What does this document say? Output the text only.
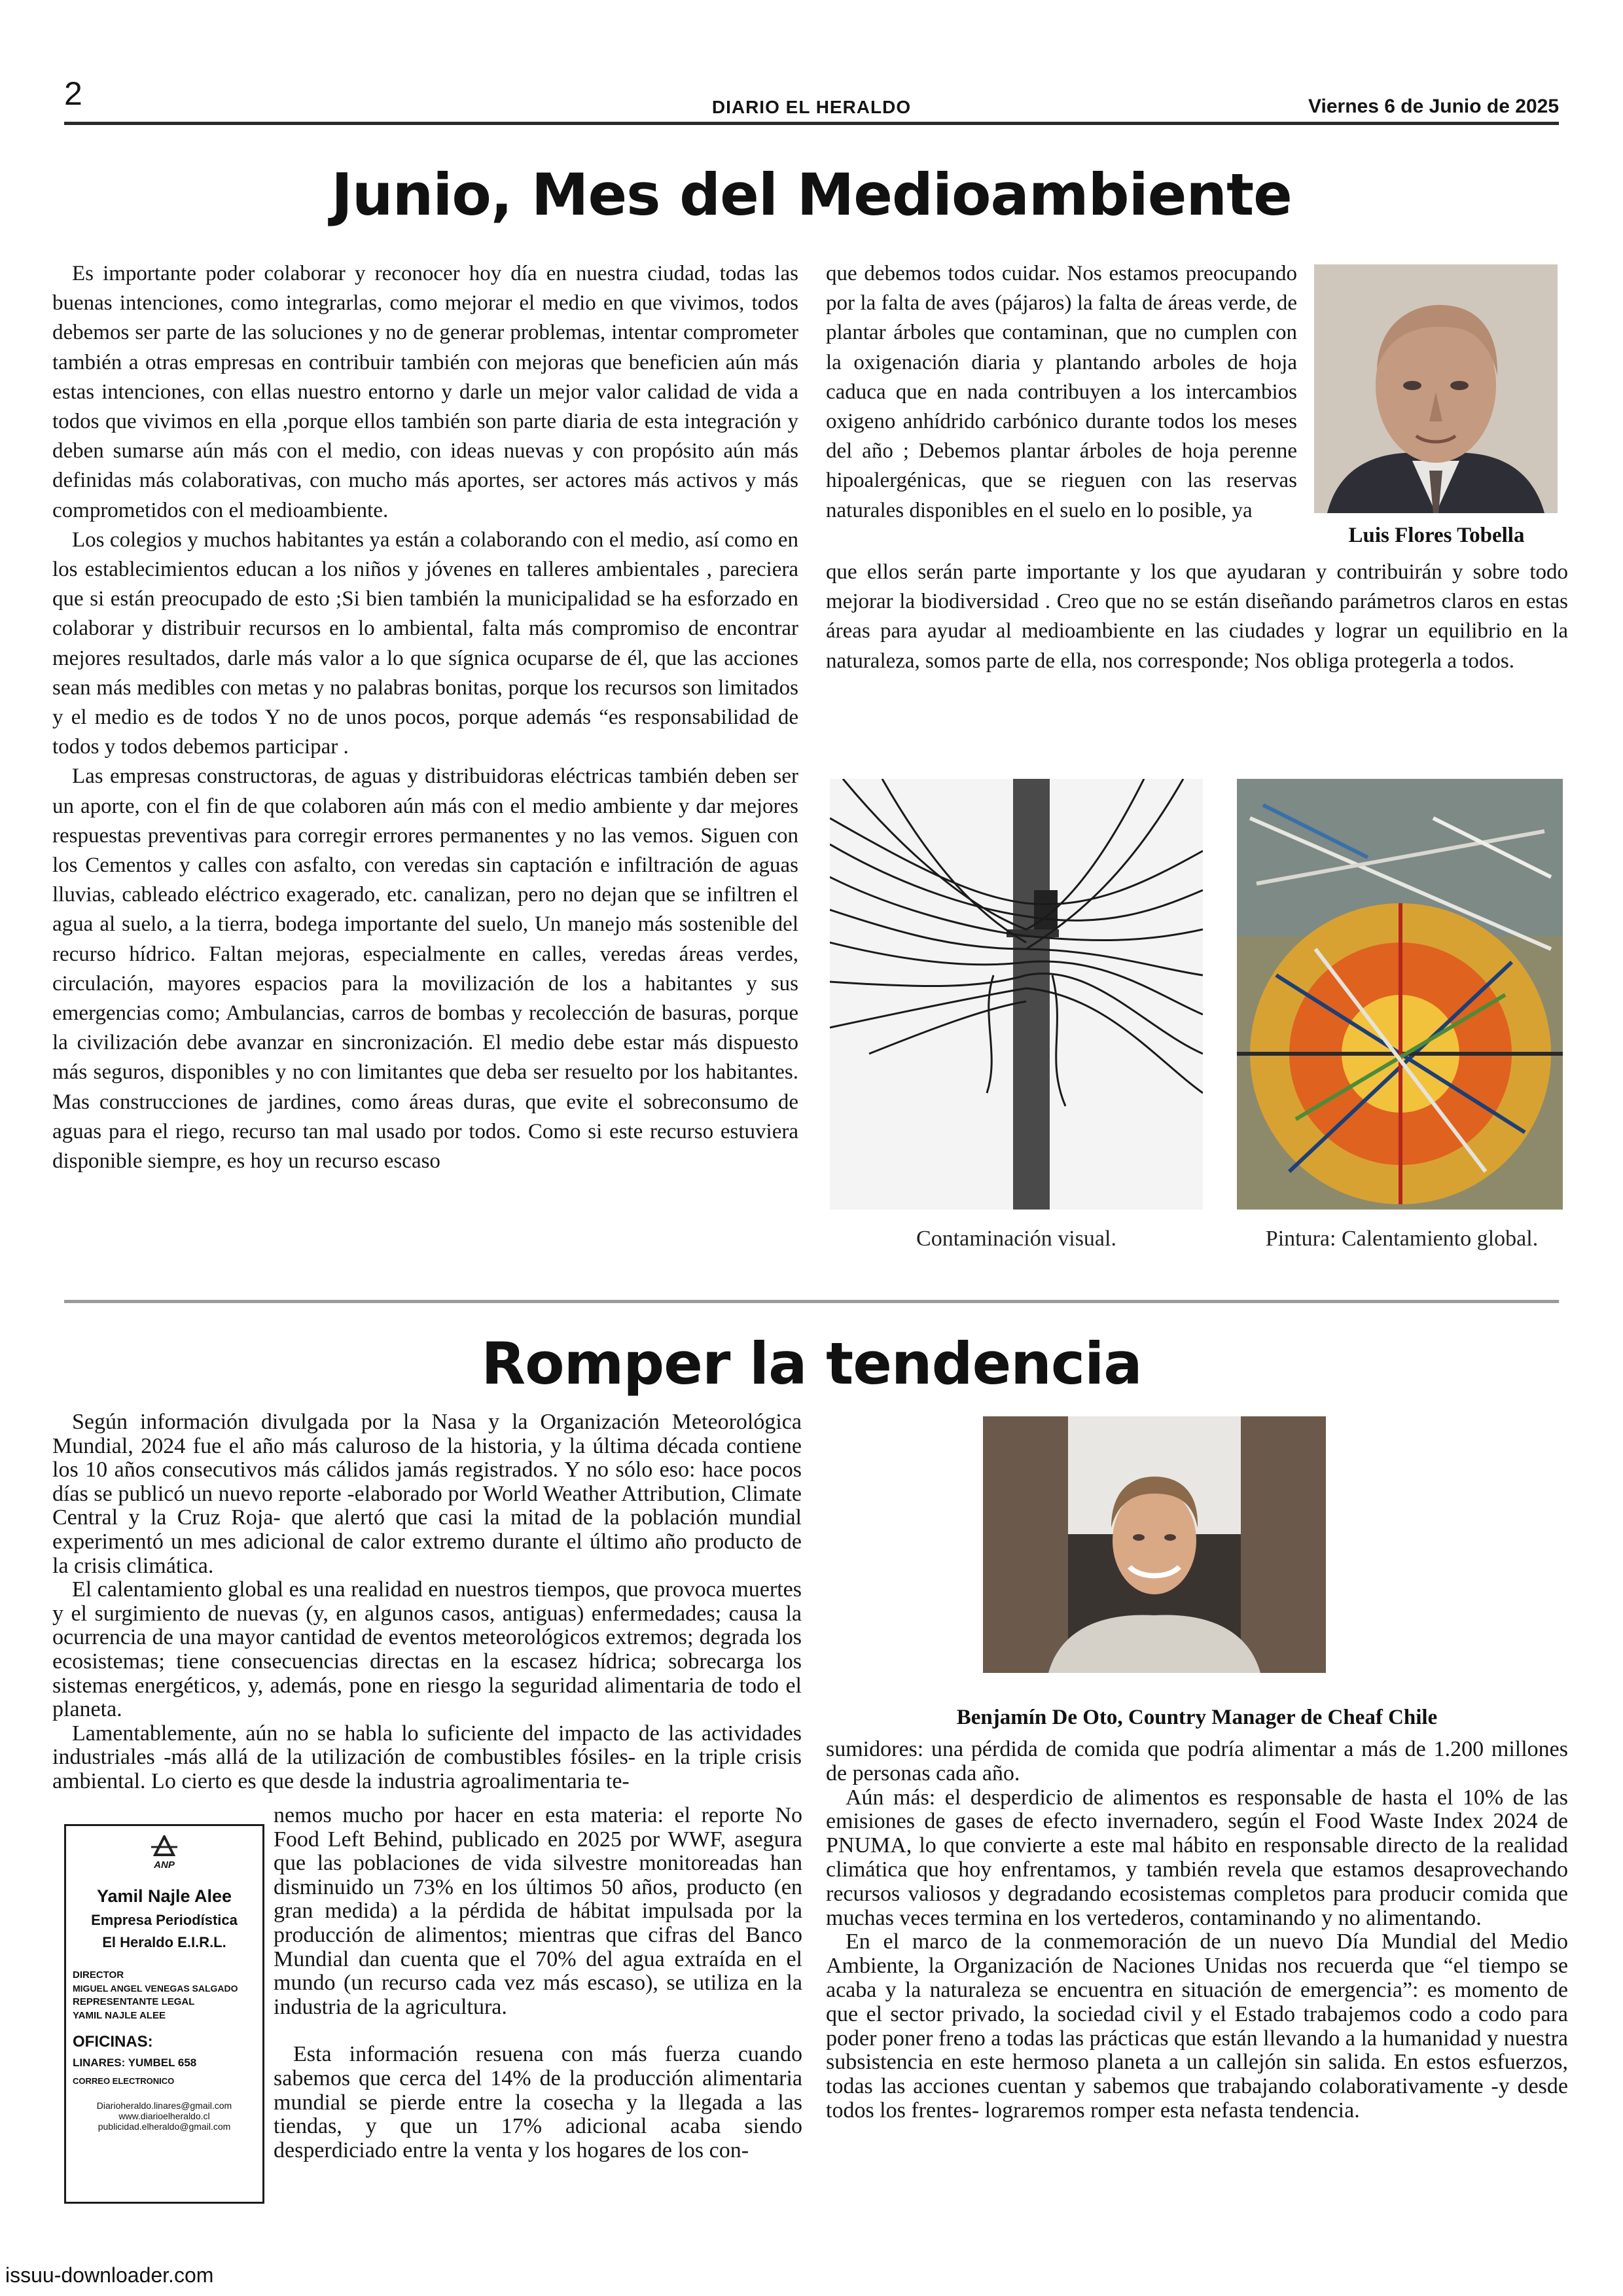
2	DIARIO EL HERALDO	Viernes 6 de Junio de 2025
Junio, Mes del Medioambiente

Es importante poder colaborar y reconocer hoy día en nuestra ciudad, todas las buenas intenciones, como integrarlas, como mejorar el medio en que vivimos, todos debemos ser parte de las soluciones y no de generar problemas, intentar comprometer también a otras empresas en contribuir también con mejoras que beneficien aún más estas intenciones, con ellas nuestro entorno y darle un mejor valor calidad de vida a todos que vivimos en ella ,porque ellos también son parte diaria de esta integración y deben sumarse aún más con el medio, con ideas nuevas y con propósito aún más definidas más colaborativas, con mucho más aportes, ser actores más activos y más comprometidos con el medioambiente.

Los colegios y muchos habitantes ya están a colaborando con el medio, así como en los establecimientos educan a los niños y jóvenes en talleres ambientales , pareciera que si están preocupado de esto ;Si bien también la municipalidad se ha esforzado en colaborar y distribuir recursos en lo ambiental, falta más compromiso de encontrar mejores resultados, darle más valor a lo que sígnica ocuparse de él, que las acciones sean más medibles con metas y no palabras bonitas, porque los recursos son limitados y el medio es de todos Y no de unos pocos, porque además “es responsabilidad de todos y todos debemos participar .

Las empresas constructoras, de aguas y distribuidoras eléctricas también deben ser un aporte, con el fin de que colaboren aún más con el medio ambiente y dar mejores respuestas preventivas para corregir errores permanentes y no las vemos. Siguen con los Cementos y calles con asfalto, con veredas sin captación e infiltración de aguas lluvias, cableado eléctrico exagerado, etc. canalizan, pero no dejan que se infiltren el agua al suelo, a la tierra, bodega importante del suelo, Un manejo más sostenible del recurso hídrico. Faltan mejoras, especialmente en calles, veredas áreas verdes, circulación, mayores espacios para la movilización de los a habitantes y sus emergencias como; Ambulancias, carros de bombas y recolección de basuras, porque la civilización debe avanzar en sincronización. El medio debe estar más dispuesto más seguros, disponibles y no con limitantes que deba ser resuelto por los habitantes. Mas construcciones de jardines, como áreas duras, que evite el sobreconsumo de aguas para el riego, recurso tan mal usado por todos. Como si este recurso estuviera disponible siempre, es hoy un recurso escaso

que debemos todos cuidar. Nos estamos preocupando por la falta de aves (pájaros) la falta de áreas verde, de plantar árboles que contaminan, que no cumplen con la oxigenación diaria y plantando arboles de hoja caduca que en nada contribuyen a los intercambios oxigeno anhídrido carbónico durante todos los meses del año ; Debemos plantar árboles de hoja perenne hipoalergénicas, que se rieguen con las reservas naturales disponibles en el suelo en lo posible, ya

Luis Flores Tobella

que ellos serán parte importante y los que ayudaran y contribuirán y sobre todo mejorar la biodiversidad . Creo que no se están diseñando parámetros claros en estas áreas para ayudar al medioambiente en las ciudades y lograr un equilibrio en la naturaleza, somos parte de ella, nos corresponde; Nos obliga protegerla a todos.

Contaminación visual.	Pintura: Calentamiento global.
Romper la tendencia

Según información divulgada por la Nasa y la Organización Meteorológica Mundial, 2024 fue el año más caluroso de la historia, y la última década contiene los 10 años consecutivos más cálidos jamás registrados. Y no sólo eso: hace pocos días se publicó un nuevo reporte -elaborado por World Weather Attribution, Climate Central y la Cruz Roja- que alertó que casi la mitad de la población mundial experimentó un mes adicional de calor extremo durante el último año producto de la crisis climática.

El calentamiento global es una realidad en nuestros tiempos, que provoca muertes y el surgimiento de nuevas (y, en algunos casos, antiguas) enfermedades; causa la ocurrencia de una mayor cantidad de eventos meteorológicos extremos; degrada los ecosistemas; tiene consecuencias directas en la escasez hídrica; sobrecarga los sistemas energéticos, y, además, pone en riesgo la seguridad alimentaria de todo el planeta.

Lamentablemente, aún no se habla lo suficiente del impacto de las actividades industriales -más allá de la utilización de combustibles fósiles- en la triple crisis ambiental. Lo cierto es que desde la industria agroalimentaria te-

nemos mucho por hacer en esta materia: el reporte No Food Left Behind, publicado en 2025 por WWF, asegura que las poblaciones de vida silvestre monitoreadas han disminuido un 73% en los últimos 50 años, producto (en gran medida) a la pérdida de hábitat impulsada por la producción de alimentos; mientras que cifras del Banco Mundial dan cuenta que el 70% del agua extraída en el mundo (un recurso cada vez más escaso), se utiliza en la industria de la agricultura.

Esta información resuena con más fuerza cuando sabemos que cerca del 14% de la producción alimentaria mundial se pierde entre la cosecha y la llegada a las tiendas, y que un 17% adicional acaba siendo desperdiciado entre la venta y los hogares de los con-

Benjamín De Oto, Country Manager de Cheaf Chile

sumidores: una pérdida de comida que podría alimentar a más de 1.200 millones de personas cada año.

Aún más: el desperdicio de alimentos es responsable de hasta el 10% de las emisiones de gases de efecto invernadero, según el Food Waste Index 2024 de PNUMA, lo que convierte a este mal hábito en responsable directo de la realidad climática que hoy enfrentamos, y también revela que estamos desaprovechando recursos valiosos y degradando ecosistemas completos para producir comida que muchas veces termina en los vertederos, contaminando y no alimentando.

En el marco de la conmemoración de un nuevo Día Mundial del Medio Ambiente, la Organización de Naciones Unidas nos recuerda que “el tiempo se acaba y la naturaleza se encuentra en situación de emergencia”: es momento de que el sector privado, la sociedad civil y el Estado trabajemos codo a codo para poder poner freno a todas las prácticas que están llevando a la humanidad y nuestra subsistencia en este hermoso planeta a un callejón sin salida. En estos esfuerzos, todas las acciones cuentan y sabemos que trabajando colaborativamente -y desde todos los frentes- lograremos romper esta nefasta tendencia.

ANP
Yamil Najle Alee
Empresa Periodística
El Heraldo E.I.R.L.
DIRECTOR
MIGUEL ANGEL VENEGAS SALGADO
REPRESENTANTE LEGAL
YAMIL NAJLE ALEE
OFICINAS:
LINARES: YUMBEL 658
CORREO ELECTRONICO
Diarioheraldo.linares@gmail.com
www.diarioelheraldo.cl
publicidad.elheraldo@gmail.com
issuu-downloader.com
